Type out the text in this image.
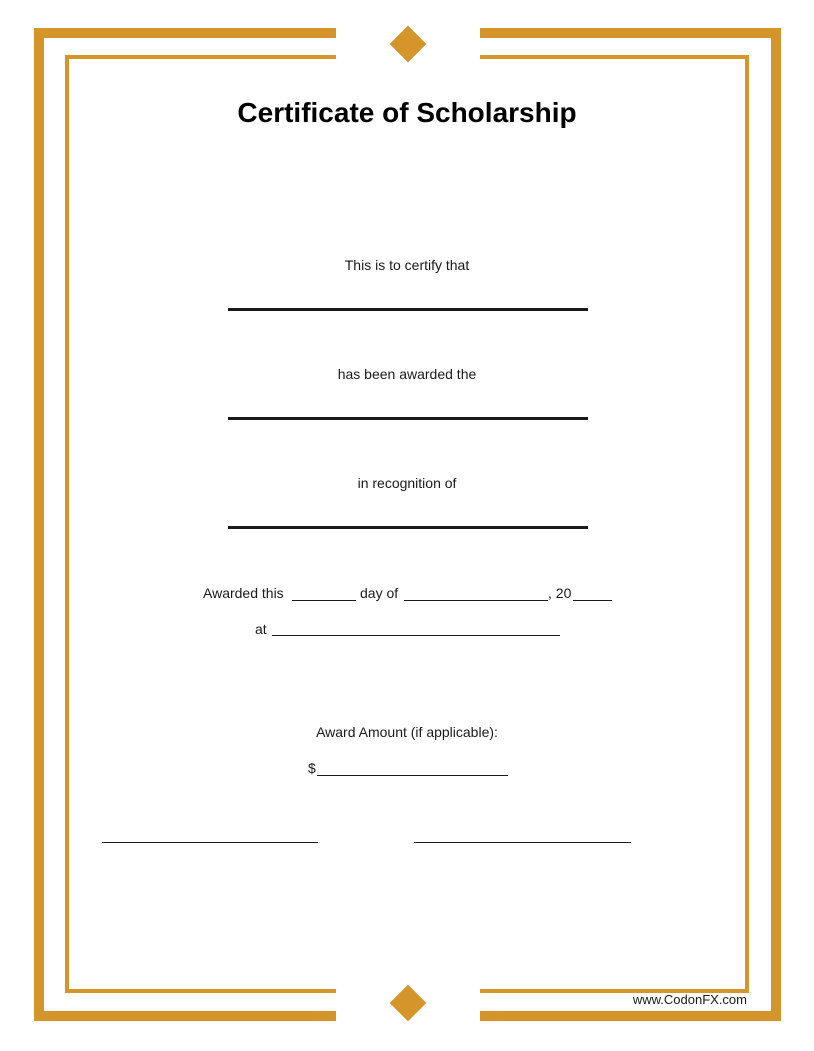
Certificate of Scholarship
This is to certify that
has been awarded the
in recognition of
Awarded this	day of	, 20
at
Award Amount (if applicable):
$
www.CodonFX.com
